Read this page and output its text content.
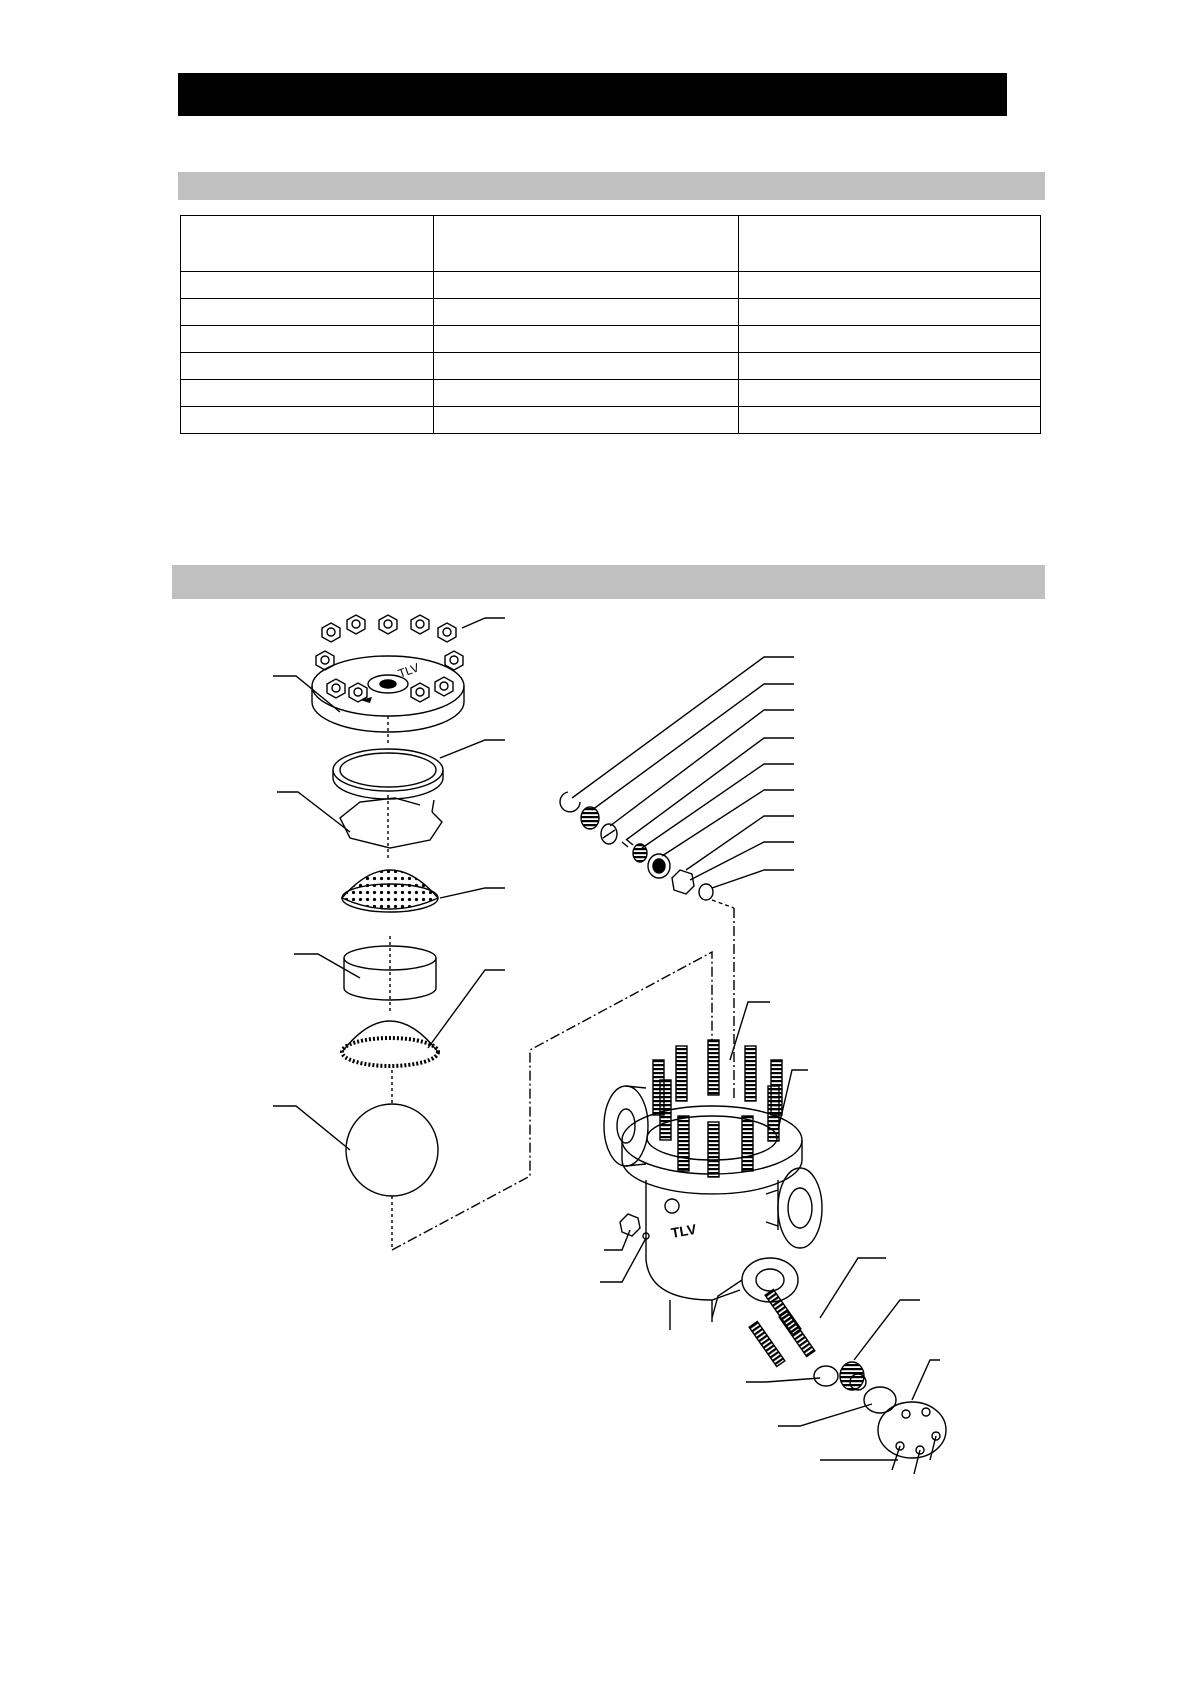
TLV
TLV
